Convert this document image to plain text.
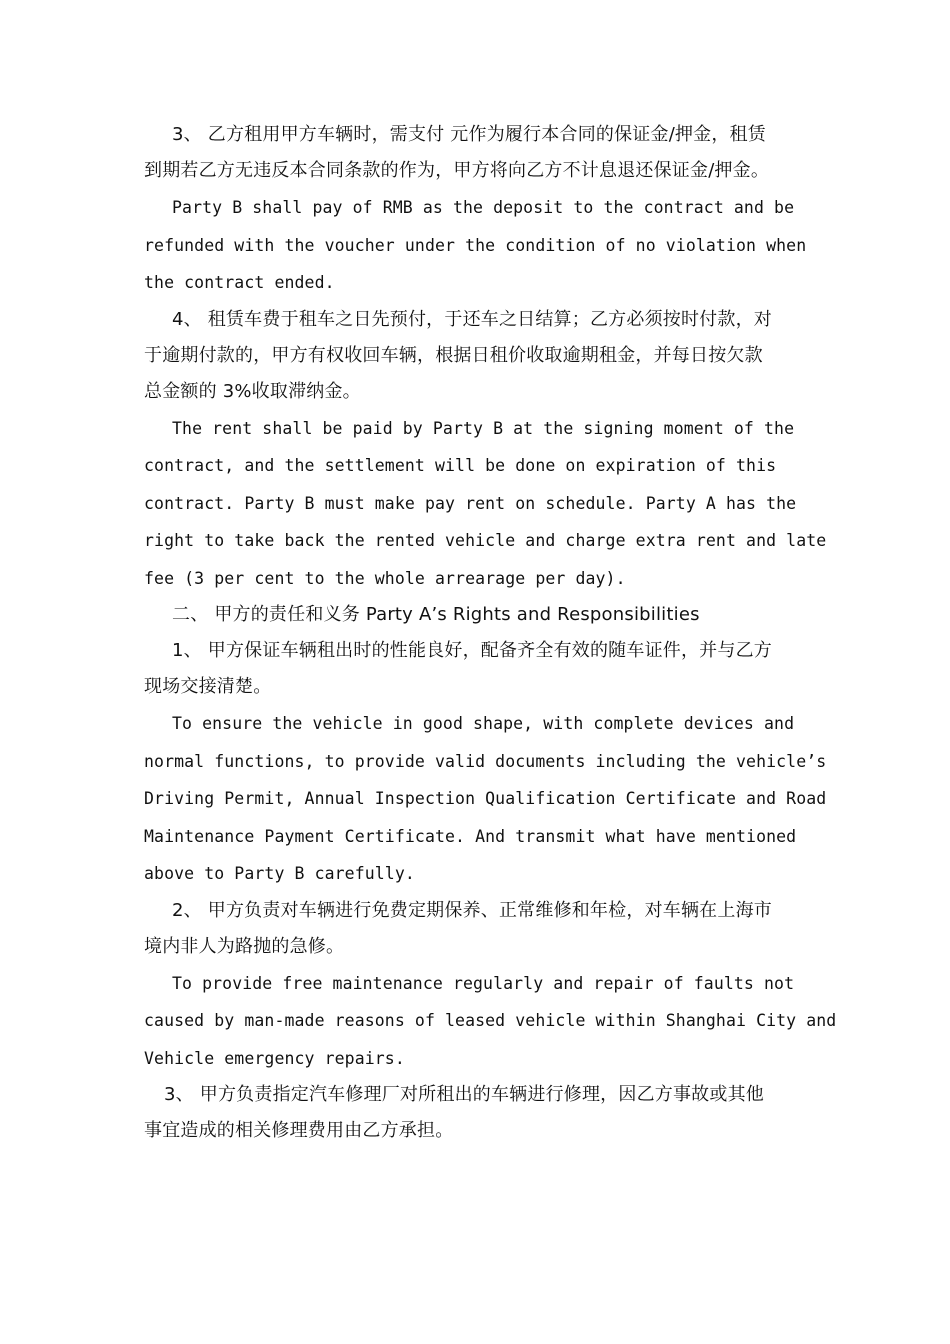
3、 乙方租用甲方车辆时，需支付 元作为履行本合同的保证金/押金，租赁
到期若乙方无违反本合同条款的作为，甲方将向乙方不计息退还保证金/押金。
Party B shall pay of RMB as the deposit to the contract and be
refunded with the voucher under the condition of no violation when
the contract ended.
4、 租赁车费于租车之日先预付，于还车之日结算；乙方必须按时付款，对
于逾期付款的，甲方有权收回车辆，根据日租价收取逾期租金，并每日按欠款
总金额的 3%收取滞纳金。
The rent shall be paid by Party B at the signing moment of the
contract, and the settlement will be done on expiration of this
contract. Party B must make pay rent on schedule. Party A has the
right to take back the rented vehicle and charge extra rent and late
fee (3 per cent to the whole arrearage per day).
二、 甲方的责任和义务 Party A’s Rights and Responsibilities
1、 甲方保证车辆租出时的性能良好，配备齐全有效的随车证件，并与乙方
现场交接清楚。
To ensure the vehicle in good shape, with complete devices and
normal functions, to provide valid documents including the vehicle’s
Driving Permit, Annual Inspection Qualification Certificate and Road
Maintenance Payment Certificate. And transmit what have mentioned
above to Party B carefully.
2、 甲方负责对车辆进行免费定期保养、正常维修和年检，对车辆在上海市
境内非人为路抛的急修。
To provide free maintenance regularly and repair of faults not
caused by man-made reasons of leased vehicle within Shanghai City and
Vehicle emergency repairs.
3、 甲方负责指定汽车修理厂对所租出的车辆进行修理，因乙方事故或其他
事宜造成的相关修理费用由乙方承担。
